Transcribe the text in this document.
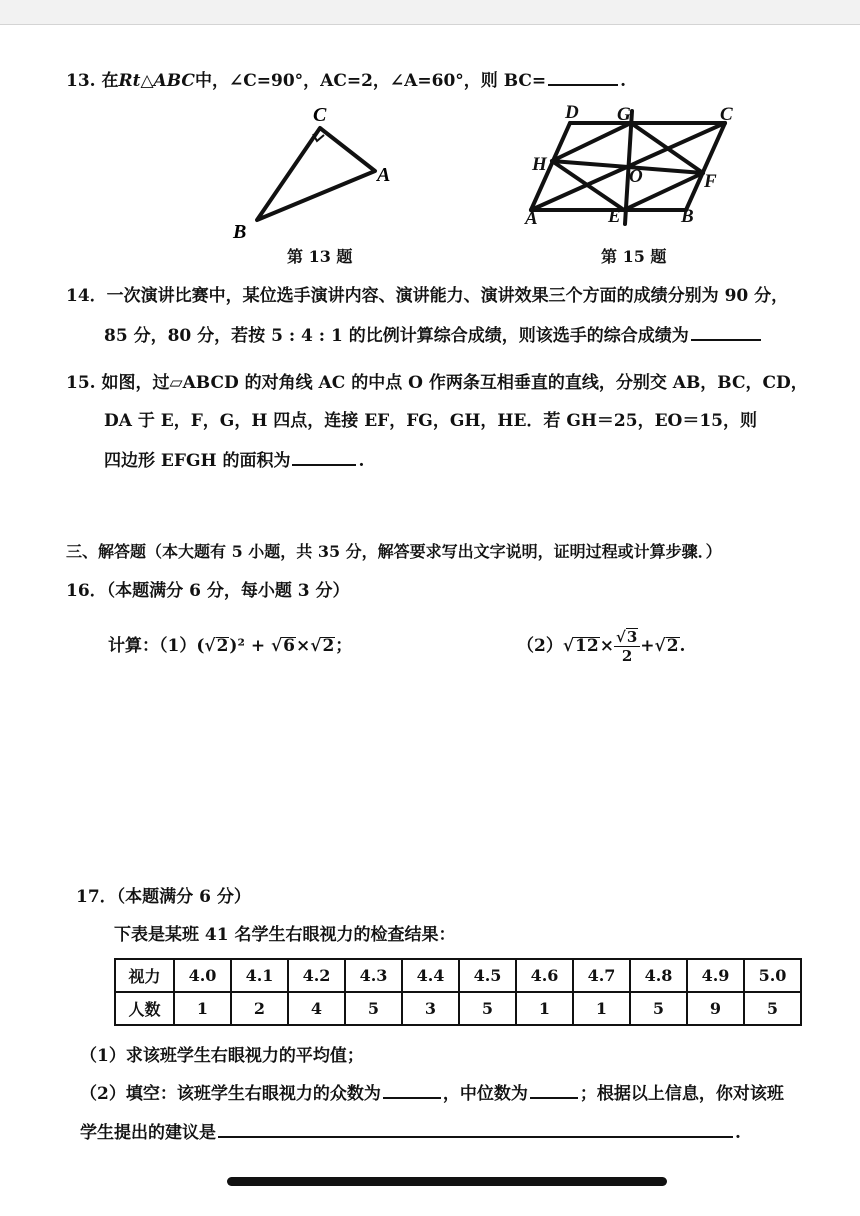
13. 在Rt△ABC中，∠C=90°，AC=2，∠A=60°，则 BC=	.
C
A
B
第 13 题
D G	C
H
O	F
A	E	B
第 15 题
14．一次演讲比赛中，某位选手演讲内容、演讲能力、演讲效果三个方面的成绩分别为 90 分，
85 分，80 分，若按 5 : 4 : 1 的比例计算综合成绩，则该选手的综合成绩为
15. 如图，过▱ABCD 的对角线 AC 的中点 O 作两条互相垂直的直线，分别交 AB，BC，CD，
DA 于 E，F，G，H 四点，连接 EF，FG，GH，HE．若 GH＝25，EO＝15，则
四边形 EFGH 的面积为	.
三、解答题（本大题有 5 小题，共 35 分，解答要求写出文字说明，证明过程或计算步骤．）
16．（本题满分 6 分，每小题 3 分）
计算：（1）(√2)² + √6×√2；	$(2)√12\times \frac{√3}{2} +√2$.
17．（本题满分 6 分）
下表是某班 41 名学生右眼视力的检查结果：
视力	4.0	4.1	4.2	4.3	4.4	4.5	4.6	4.7	4.8	4.9	5.0
人数	1	2	4	5	3	5	1	1	5	9	5
（1）求该班学生右眼视力的平均值；
（2）填空：该班学生右眼视力的众数为	，中位数为	；根据以上信息，你对该班
学生提出的建议是	.
